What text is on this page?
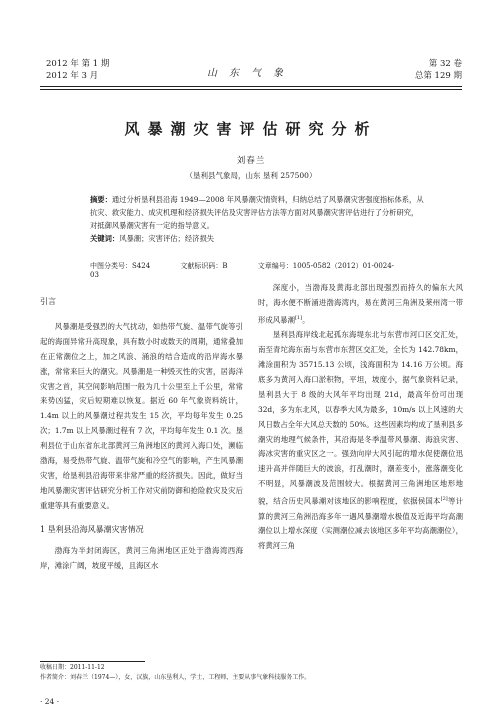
2012 年 第 1 期
2012 年 3 月	山东气象
第 32 卷
总第 129 期
风暴潮灾害评估研究分析
刘春兰
（垦利县气象局，山东 垦利 257500）
摘要：通过分析垦利县沿海 1949—2008 年风暴潮灾情资料，归纳总结了风暴潮灾害强度指标体系，从抗灾、救灾能力、成灾机理和经济损失评估及灾害评估方法等方面对风暴潮灾害评估进行了分析研究，对抵御风暴潮灾害有一定的指导意义。
关键词：风暴潮；灾害评估；经济损失
中图分类号：S424	文献标识码：B	文章编号：1005-0582（2012）01-0024-03
引言

风暴潮是受强烈的大气扰动，如热带气旋、温带气旋等引起的海面异常升高现象，具有数小时或数天的周期，通常叠加在正常潮位之上，加之风浪、涌浪的结合造成的沿岸海水暴涨，常常来巨大的潮灾。风暴潮是一种毁灭性的灾害，居海洋灾害之首，其空间影响范围一般为几十公里至上千公里，常常来势凶猛，灾后短期难以恢复。据近 60 年气象资料统计，1.4m 以上的风暴潮过程共发生 15 次，平均每年发生 0.25 次；1.7m 以上风暴潮过程有 7 次，平均每年发生 0.1 次。垦利县位于山东省东北部黄河三角洲地区的黄河入海口处，濒临渤海，易受热带气旋、温带气旋和冷空气的影响，产生风暴潮灾害，给垦利县沿海带来非常严重的经济损失。因此，做好当地风暴潮灾害评估研究分析工作对灾前防御和抢险救灾及灾后重建等具有重要意义。

1 垦利县沿海风暴潮灾害情况

渤海为半封闭海区，黄河三角洲地区正处于渤海湾西海岸，滩涂广阔，坡度平缓，且海区水

深度小，当渤海及黄海北部出现强烈而持久的偏东大风时，海水便不断涌进渤海湾内，易在黄河三角洲及莱州湾一带形成风暴潮[1]。

垦利县海岸线北起孤东海堤东北与东营市河口区交汇处，南至青坨海东南与东营市东营区交汇处，全长为 142.78km，滩涂面积为 35715.13 公顷，浅海面积为 14.16 万公顷。海底多为黄河入海口淤积物，平坦，坡度小，据气象资料记录，垦利县大于 8 级的大风年平均出现 21d，最高年份可出现 32d，多为东北风，以春季大风为最多，10m/s 以上风速的大风日数占全年大风总天数的 50%。这些因素均构成了垦利县多潮灾的地理气候条件，其沿海是冬季温带风暴潮、海浪灾害、海冰灾害的重灾区之一。强劲向岸大风引起的增水促使潮位迅速升高并伴随巨大的波浪，打乱潮时，潮差变小，涨落潮变化不明显，风暴潮波及范围较大。根据黄河三角洲地区地形地貌，结合历史风暴潮对该地区的影响程度，依据侯国本[2]等计算的黄河三角洲沿海多年一遇风暴潮增水极值及近海平均高潮潮位以上增水深度（实测潮位减去该地区多年平均高潮潮位），将黄河三角

收稿日期：2011-11-12
作者简介：刘春兰（1974—），女，汉族，山东垦利人，学士，工程师，主要从事气象科技服务工作。
· 24 ·
